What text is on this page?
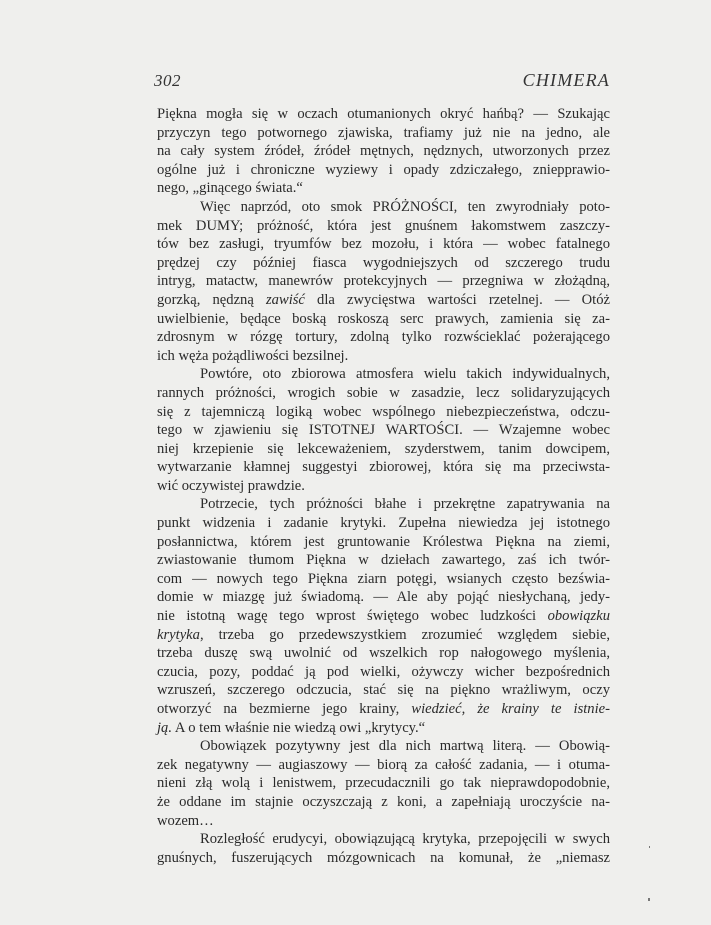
302	CHIMERA
Piękna mogła się w oczach otumanionych okryć hańbą? — Szukając
przyczyn tego potwornego zjawiska, trafiamy już nie na jedno, ale
na cały system źródeł, źródeł mętnych, nędznych, utworzonych przez
ogólne już i chroniczne wyziewy i opady zdziczałego, zniepprawio-
nego, „ginącego świata.“
Więc naprzód, oto smok PRÓŻNOŚCI, ten zwyrodniały poto-
mek DUMY; próżność, która jest gnuśnem łakomstwem zaszczy-
tów bez zasługi, tryumfów bez mozołu, i która — wobec fatalnego
prędzej czy później fiasca wygodniejszych od szczerego trudu
intryg, matactw, manewrów protekcyjnych — przegniwa w złożądną,
gorzką, nędzną zawiść dla zwycięstwa wartości rzetelnej. — Otóż
uwielbienie, będące boską roskoszą serc prawych, zamienia się za-
zdrosnym w rózgę tortury, zdolną tylko rozwścieklać pożerającego
ich węża pożądliwości bezsilnej.
Powtóre, oto zbiorowa atmosfera wielu takich indywidualnych,
rannych próżności, wrogich sobie w zasadzie, lecz solidaryzujących
się z tajemniczą logiką wobec wspólnego niebezpieczeństwa, odczu-
tego w zjawieniu się ISTOTNEJ WARTOŚCI. — Wzajemne wobec
niej krzepienie się lekceważeniem, szyderstwem, tanim dowcipem,
wytwarzanie kłamnej suggestyi zbiorowej, która się ma przeciwsta-
wić oczywistej prawdzie.
Potrzecie, tych próżności błahe i przekrętne zapatrywania na
punkt widzenia i zadanie krytyki. Zupełna niewiedza jej istotnego
posłannictwa, którem jest gruntowanie Królestwa Piękna na ziemi,
zwiastowanie tłumom Piękna w dziełach zawartego, zaś ich twór-
com — nowych tego Piękna ziarn potęgi, wsianych często bezświa-
domie w miazgę już świadomą. — Ale aby pojąć niesłychaną, jedy-
nie istotną wagę tego wprost świętego wobec ludzkości obowiązku
krytyka, trzeba go przedewszystkiem zrozumieć względem siebie,
trzeba duszę swą uwolnić od wszelkich rop nałogowego myślenia,
czucia, pozy, poddać ją pod wielki, ożywczy wicher bezpośrednich
wzruszeń, szczerego odczucia, stać się na piękno wrażliwym, oczy
otworzyć na bezmierne jego krainy, wiedzieć, że krainy te istnie-
ją. A o tem właśnie nie wiedzą owi „krytycy.“
Obowiązek pozytywny jest dla nich martwą literą. — Obowią-
zek negatywny — augiaszowy — biorą za całość zadania, — i otuma-
nieni złą wolą i lenistwem, przecudacznili go tak nieprawdopodobnie,
że oddane im stajnie oczyszczają z koni, a zapełniają uroczyście na-
wozem…
Rozległość erudycyi, obowiązującą krytyka, przepojęcili w swych
gnuśnych, fuszerujących mózgownicach na komunał, że „niemasz
